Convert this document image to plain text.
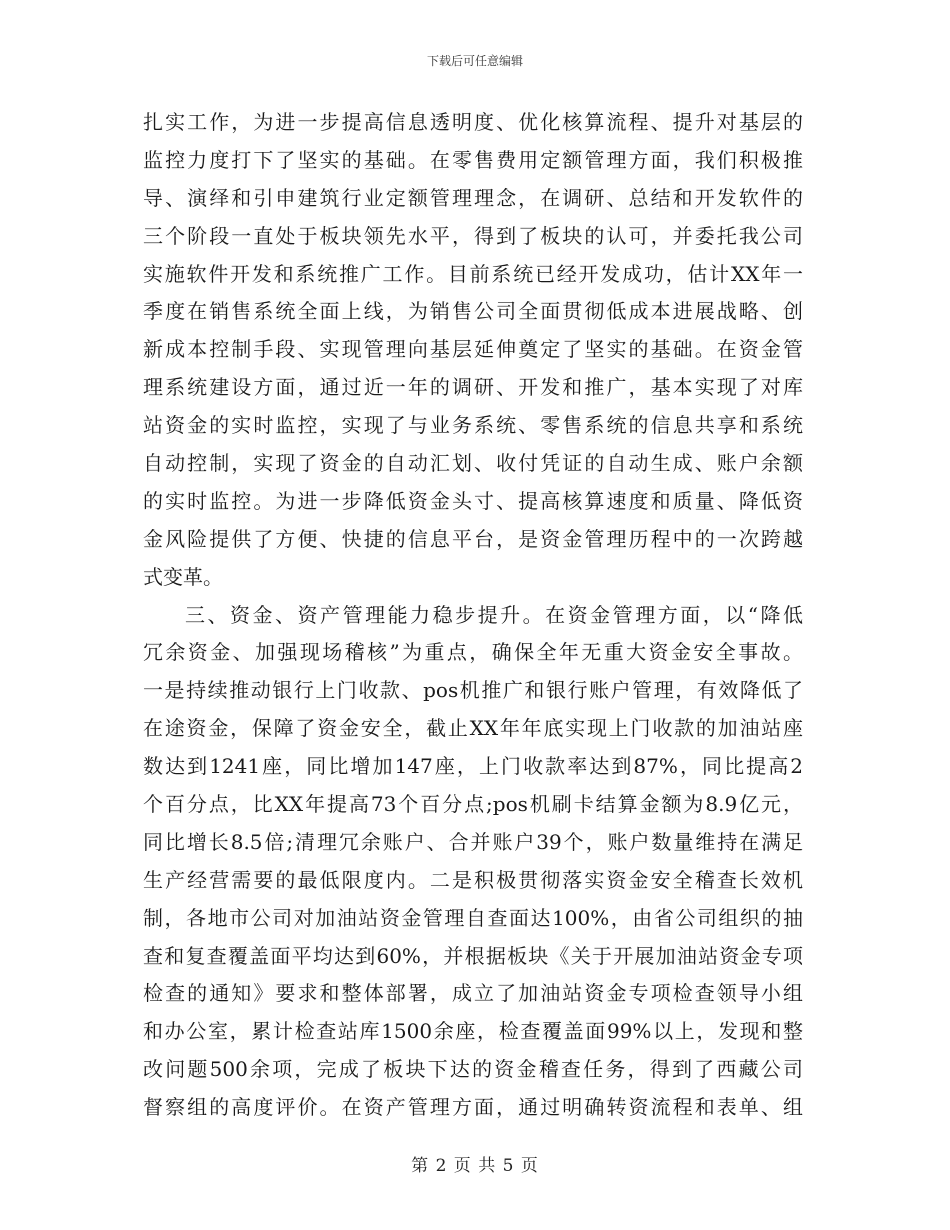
下载后可任意编辑
扎实工作，为进一步提高信息透明度、优化核算流程、提升对基层的
监控力度打下了坚实的基础。在零售费用定额管理方面，我们积极推
导、演绎和引申建筑行业定额管理理念，在调研、总结和开发软件的
三个阶段一直处于板块领先水平，得到了板块的认可，并委托我公司
实施软件开发和系统推广工作。目前系统已经开发成功，估计XX年一
季度在销售系统全面上线，为销售公司全面贯彻低成本进展战略、创
新成本控制手段、实现管理向基层延伸奠定了坚实的基础。在资金管
理系统建设方面，通过近一年的调研、开发和推广，基本实现了对库
站资金的实时监控，实现了与业务系统、零售系统的信息共享和系统
自动控制，实现了资金的自动汇划、收付凭证的自动生成、账户余额
的实时监控。为进一步降低资金头寸、提高核算速度和质量、降低资
金风险提供了方便、快捷的信息平台，是资金管理历程中的一次跨越
式变革。
三、资金、资产管理能力稳步提升。在资金管理方面，以“降低
冗余资金、加强现场稽核”为重点，确保全年无重大资金安全事故。
一是持续推动银行上门收款、pos机推广和银行账户管理，有效降低了
在途资金，保障了资金安全，截止XX年年底实现上门收款的加油站座
数达到1241座，同比增加147座，上门收款率达到87%，同比提高2
个百分点，比XX年提高73个百分点;pos机刷卡结算金额为8.9亿元，
同比增长8.5倍;清理冗余账户、合并账户39个，账户数量维持在满足
生产经营需要的最低限度内。二是积极贯彻落实资金安全稽查长效机
制，各地市公司对加油站资金管理自查面达100%，由省公司组织的抽
查和复查覆盖面平均达到60%，并根据板块《关于开展加油站资金专项
检查的通知》要求和整体部署，成立了加油站资金专项检查领导小组
和办公室，累计检查站库1500余座，检查覆盖面99%以上，发现和整
改问题500余项，完成了板块下达的资金稽查任务，得到了西藏公司
督察组的高度评价。在资产管理方面，通过明确转资流程和表单、组
第 2 页 共 5 页
